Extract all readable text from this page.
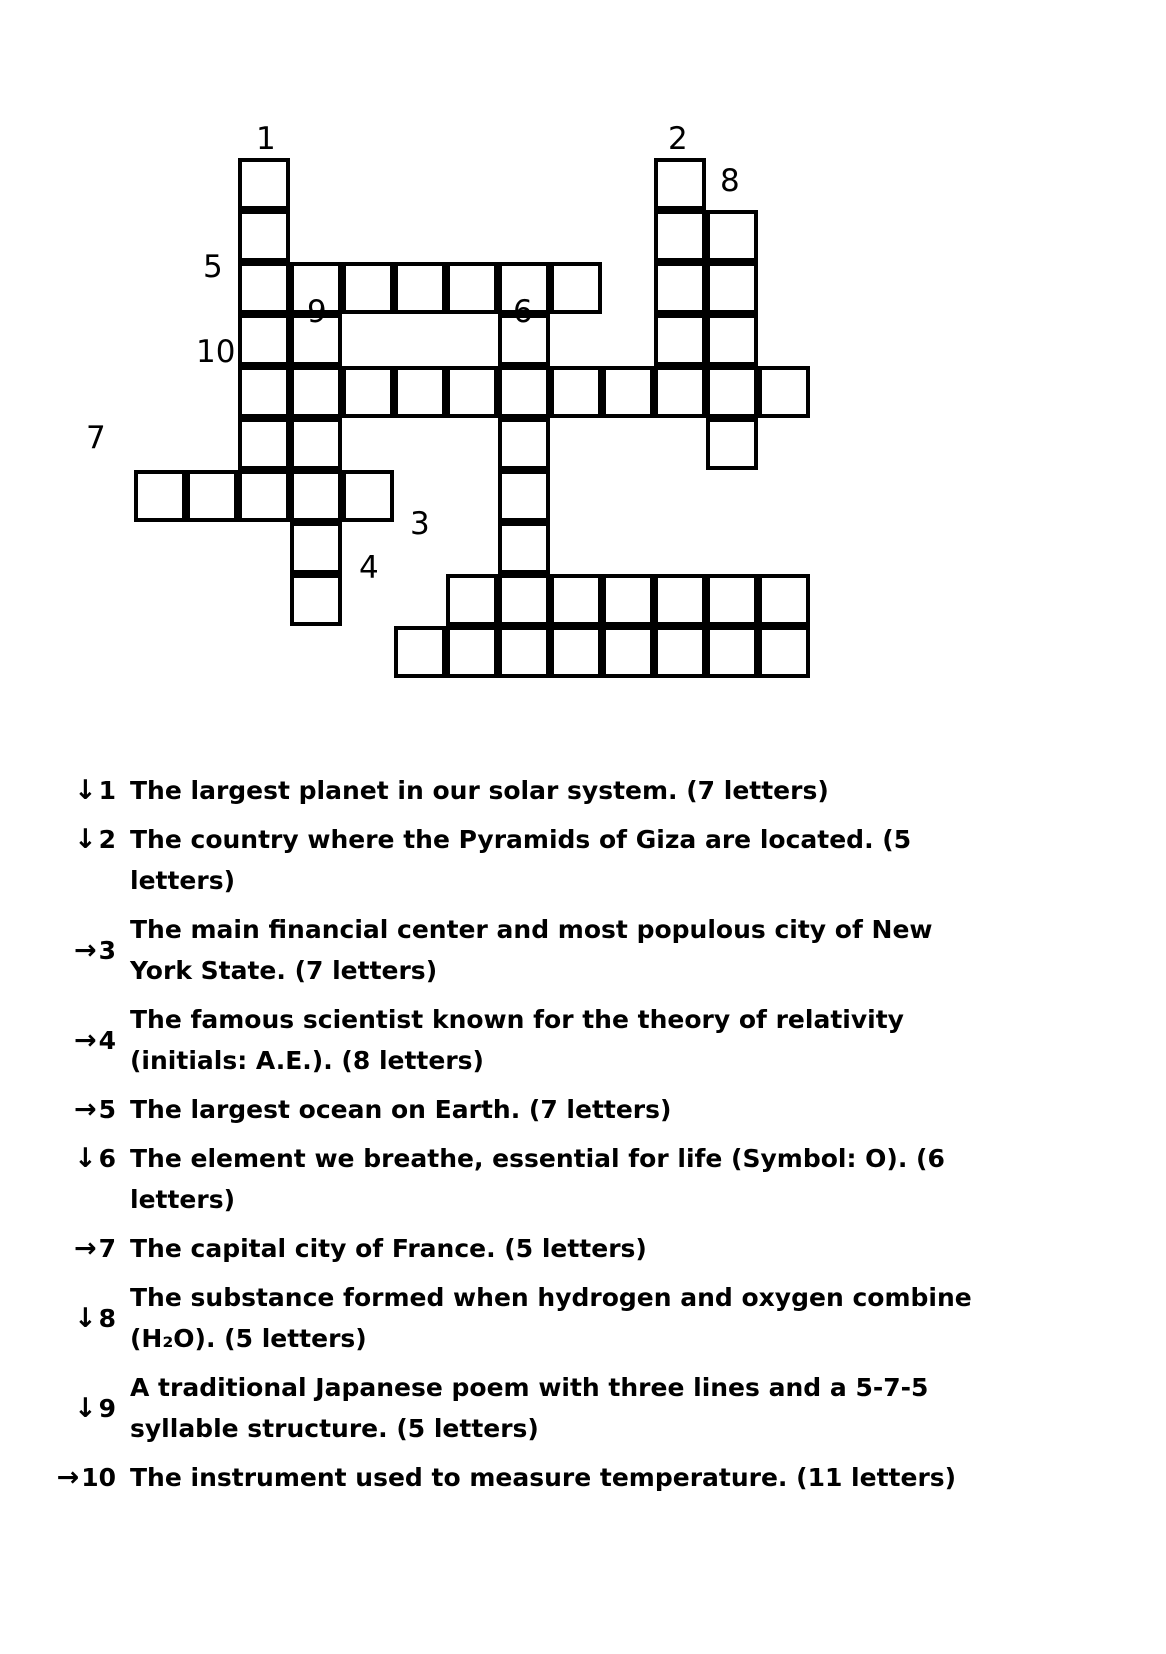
1	2
8
5
9	6
10
7
3
4
↓ 1 The largest planet in our solar system. (7 letters)
↓ 2 The country where the Pyramids of Giza are located. (5 letters)
→ 3
The main financial center and most populous city of New York State. (7 letters)
→ 4
The famous scientist known for the theory of relativity (initials: A.E.). (8 letters)
→ 5 The largest ocean on Earth. (7 letters)
↓ 6 The element we breathe, essential for life (Symbol: O). (6 letters)
→ 7 The capital city of France. (5 letters)
↓ 8
The substance formed when hydrogen and oxygen combine (H₂O). (5 letters)
↓ 9
A traditional Japanese poem with three lines and a 5-7-5 syllable structure. (5 letters)
→ 10 The instrument used to measure temperature. (11 letters)
